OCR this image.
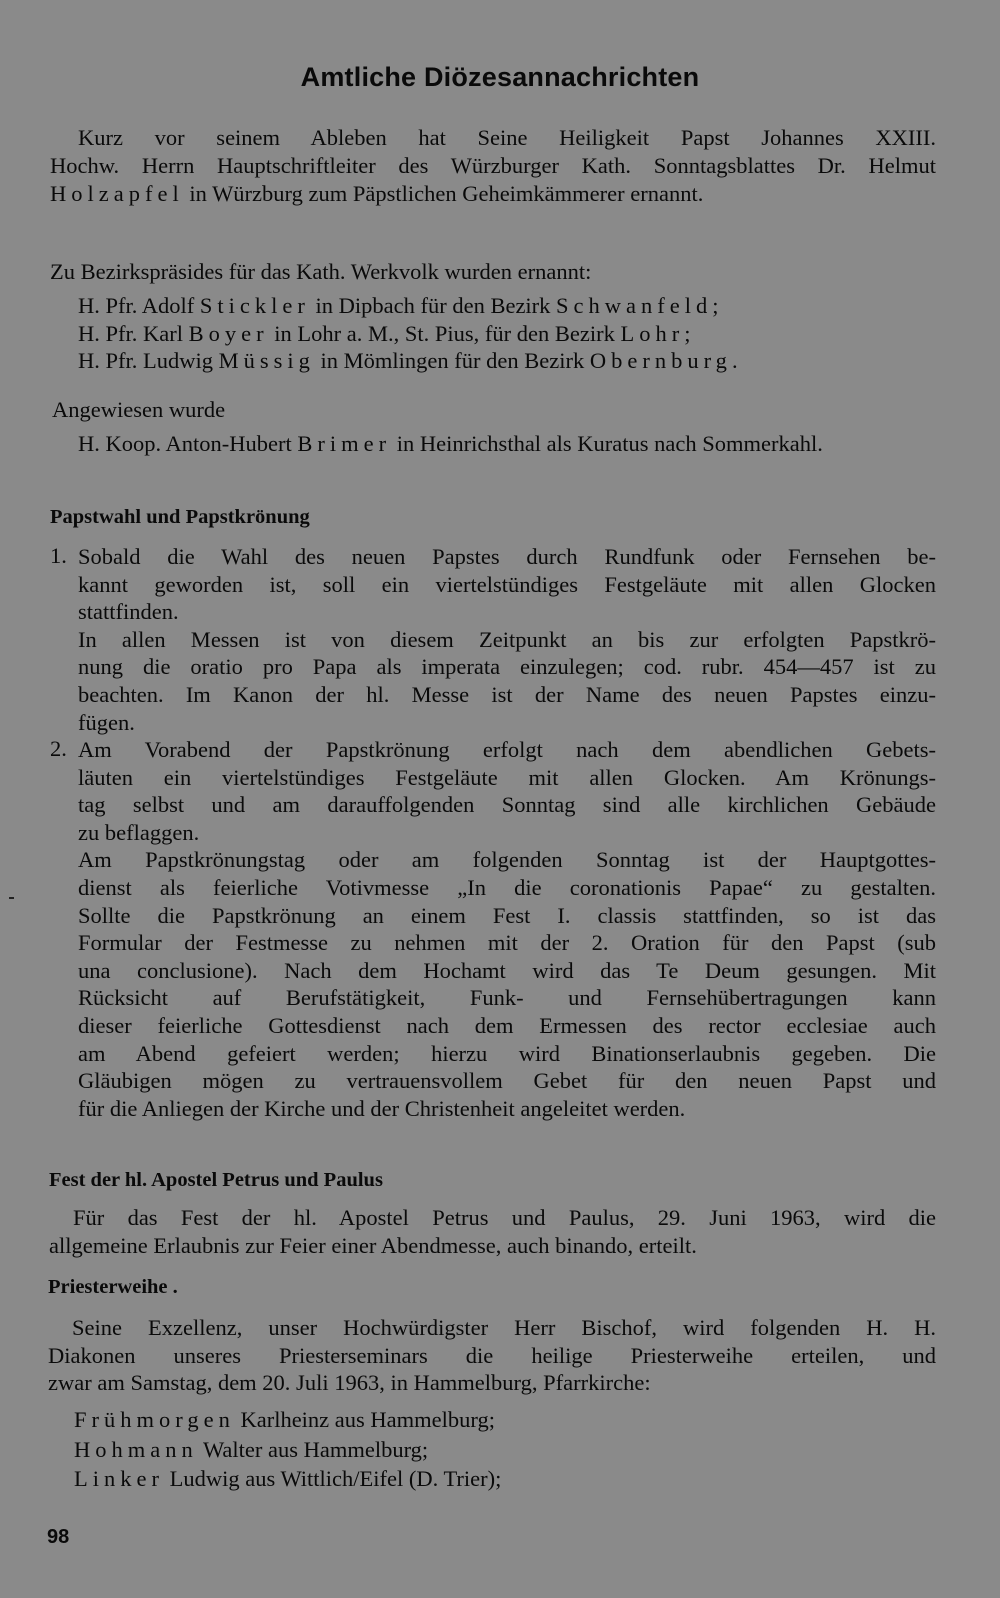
Amtliche Diözesannachrichten
Kurz vor seinem Ableben hat Seine Heiligkeit Papst Johannes XXIII.
Hochw. Herrn Hauptschriftleiter des Würzburger Kath. Sonntagsblattes Dr. Helmut Holzapfel in Würzburg zum Päpstlichen Geheimkämmerer ernannt.
Zu Bezirkspräsides für das Kath. Werkvolk wurden ernannt:
H. Pfr. Adolf Stickler in Dipbach für den Bezirk Schwanfeld;
H. Pfr. Karl Boyer in Lohr a. M., St. Pius, für den Bezirk Lohr;
H. Pfr. Ludwig Müssig in Mömlingen für den Bezirk Obernburg.
Angewiesen wurde
H. Koop. Anton-Hubert Brimer in Heinrichsthal als Kuratus nach Sommerkahl.
Papstwahl und Papstkrönung
1. Sobald die Wahl des neuen Papstes durch Rundfunk oder Fernsehen be-
kannt geworden ist, soll ein viertelstündiges Festgeläute mit allen Glocken
stattfinden.
In allen Messen ist von diesem Zeitpunkt an bis zur erfolgten Papstkrö-
nung die oratio pro Papa als imperata einzulegen; cod. rubr. 454—457 ist zu
beachten. Im Kanon der hl. Messe ist der Name des neuen Papstes einzu-
fügen.
2. Am Vorabend der Papstkrönung erfolgt nach dem abendlichen Gebets-
läuten ein viertelstündiges Festgeläute mit allen Glocken. Am Krönungs-
tag selbst und am darauffolgenden Sonntag sind alle kirchlichen Gebäude
zu beflaggen.
Am Papstkrönungstag oder am folgenden Sonntag ist der Hauptgottes-
dienst als feierliche Votivmesse „In die coronationis Papae“ zu gestalten.
Sollte die Papstkrönung an einem Fest I. classis stattfinden, so ist das
Formular der Festmesse zu nehmen mit der 2. Oration für den Papst (sub
una conclusione). Nach dem Hochamt wird das Te Deum gesungen. Mit
Rücksicht auf Berufstätigkeit, Funk- und Fernsehübertragungen kann
dieser feierliche Gottesdienst nach dem Ermessen des rector ecclesiae auch
am Abend gefeiert werden; hierzu wird Binationserlaubnis gegeben. Die
Gläubigen mögen zu vertrauensvollem Gebet für den neuen Papst und
für die Anliegen der Kirche und der Christenheit angeleitet werden.
Fest der hl. Apostel Petrus und Paulus
Für das Fest der hl. Apostel Petrus und Paulus, 29. Juni 1963, wird die
allgemeine Erlaubnis zur Feier einer Abendmesse, auch binando, erteilt.
Priesterweihe .
Seine Exzellenz, unser Hochwürdigster Herr Bischof, wird folgenden H. H.
Diakonen unseres Priesterseminars die heilige Priesterweihe erteilen, und
zwar am Samstag, dem 20. Juli 1963, in Hammelburg, Pfarrkirche:
Frühmorgen Karlheinz aus Hammelburg;
Hohmann Walter aus Hammelburg;
Linker Ludwig aus Wittlich/Eifel (D. Trier);
98
